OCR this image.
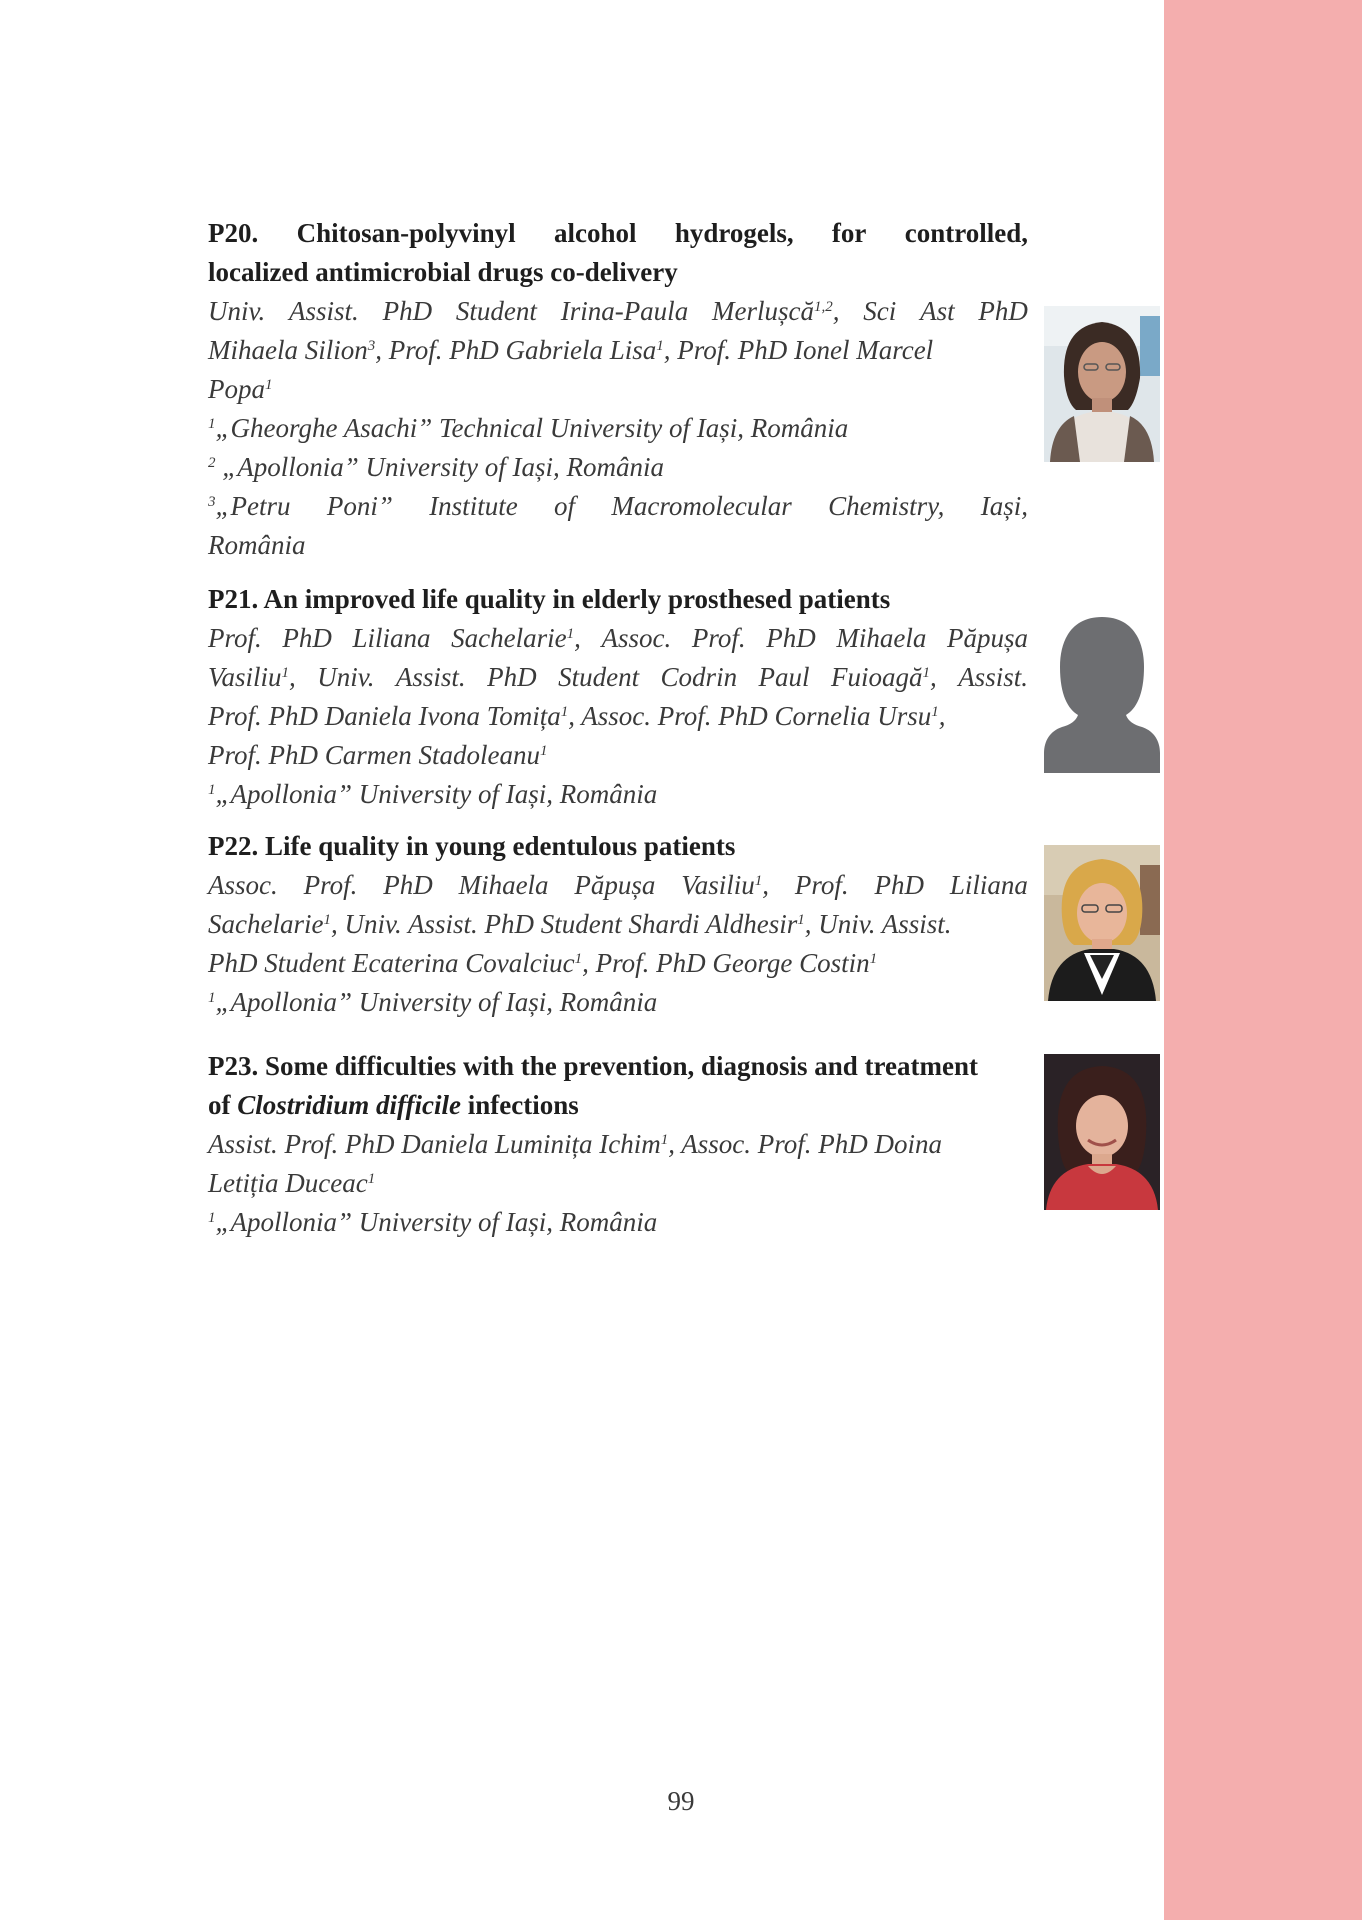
P20. Chitosan-polyvinyl alcohol hydrogels, for controlled,
localized antimicrobial drugs co-delivery
Univ. Assist. PhD Student Irina-Paula Merlușcă$^{1,2}$, Sci Ast PhD
Mihaela Silion$^3$, Prof. PhD Gabriela Lisa$^1$, Prof. PhD Ionel Marcel
Popa$^1$
$^1$„Gheorghe Asachi” Technical University of Iași, România
$^2$ „Apollonia” University of Iași, România
$^3$„Petru Poni” Institute of Macromolecular Chemistry, Iași,
România
P21. An improved life quality in elderly prosthesed patients
Prof. PhD Liliana Sachelarie$^1$, Assoc. Prof. PhD Mihaela Păpușa
Vasiliu$^1$, Univ. Assist. PhD Student Codrin Paul Fuioagă$^1$, Assist.
Prof. PhD Daniela Ivona Tomița$^1$, Assoc. Prof. PhD Cornelia Ursu$^1$,
Prof. PhD Carmen Stadoleanu$^1$
$^1$„Apollonia” University of Iași, România
P22. Life quality in young edentulous patients
Assoc. Prof. PhD Mihaela Păpușa Vasiliu$^1$, Prof. PhD Liliana
Sachelarie$^1$, Univ. Assist. PhD Student Shardi Aldhesir$^1$, Univ. Assist.
PhD Student Ecaterina Covalciuc$^1$, Prof. PhD George Costin$^1$
$^1$„Apollonia” University of Iași, România
P23. Some difficulties with the prevention, diagnosis and treatment
of Clostridium difficile infections
Assist. Prof. PhD Daniela Luminița Ichim$^1$, Assoc. Prof. PhD Doina
Letiția Duceac$^1$
$^1$„Apollonia” University of Iași, România
99
